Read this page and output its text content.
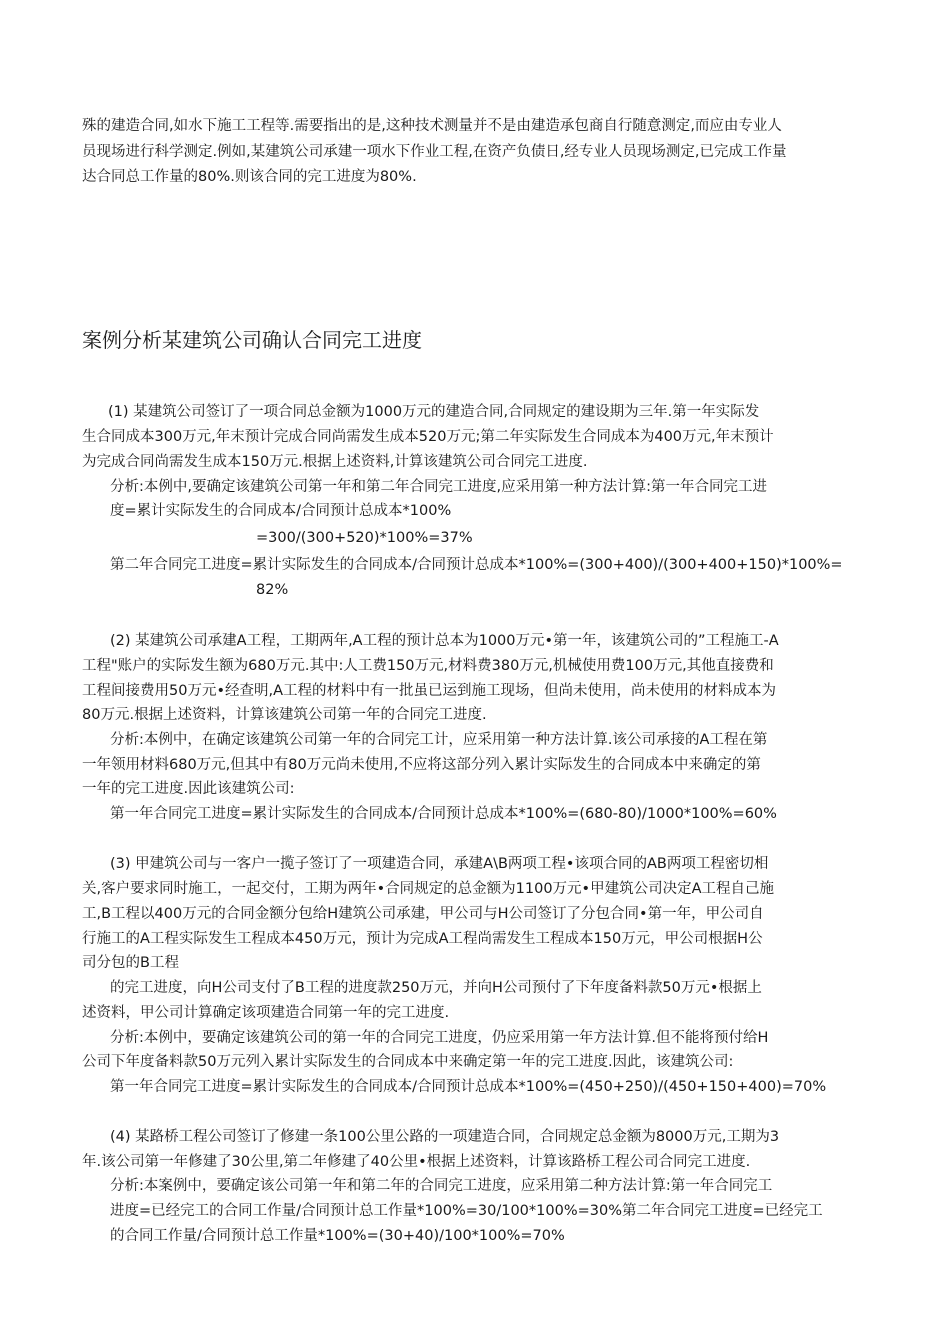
殊的建造合同,如水下施工工程等.需要指出的是,这种技术测量并不是由建造承包商自行随意测定,而应由专业人
员现场进行科学测定.例如,某建筑公司承建一项水下作业工程,在资产负债日,经专业人员现场测定,已完成工作量
达合同总工作量的80%.则该合同的完工进度为80%.
案例分析某建筑公司确认合同完工进度
(1) 某建筑公司签订了一项合同总金额为1000万元的建造合同,合同规定的建设期为三年.第一年实际发
生合同成本300万元,年末预计完成合同尚需发生成本520万元;第二年实际发生合同成本为400万元,年末预计
为完成合同尚需发生成本150万元.根据上述资料,计算该建筑公司合同完工进度.
分析:本例中,要确定该建筑公司第一年和第二年合同完工进度,应采用第一种方法计算:第一年合同完工进
度=累计实际发生的合同成本/合同预计总成本*100%
=300/(300+520)*100%=37%
第二年合同完工进度=累计实际发生的合同成本/合同预计总成本*100%=(300+400)/(300+400+150)*100%=
82%
(2) 某建筑公司承建A工程，工期两年,A工程的预计总本为1000万元•第一年，该建筑公司的”工程施工-A
工程"账户的实际发生额为680万元.其中:人工费150万元,材料费380万元,机械使用费100万元,其他直接费和
工程间接费用50万元•经查明,A工程的材料中有一批虽已运到施工现场，但尚未使用，尚未使用的材料成本为
80万元.根据上述资料，计算该建筑公司第一年的合同完工进度.
分析:本例中，在确定该建筑公司第一年的合同完工计，应采用第一种方法计算.该公司承接的A工程在第
一年领用材料680万元,但其中有80万元尚未使用,不应将这部分列入累计实际发生的合同成本中来确定的第
一年的完工进度.因此该建筑公司:
第一年合同完工进度=累计实际发生的合同成本/合同预计总成本*100%=(680-80)/1000*100%=60%
(3) 甲建筑公司与一客户一揽子签订了一项建造合同，承建A\B两项工程•该项合同的AB两项工程密切相
关,客户要求同时施工，一起交付，工期为两年•合同规定的总金额为1100万元•甲建筑公司决定A工程自己施
工,B工程以400万元的合同金额分包给H建筑公司承建，甲公司与H公司签订了分包合同•第一年，甲公司自
行施工的A工程实际发生工程成本450万元，预计为完成A工程尚需发生工程成本150万元，甲公司根据H公
司分包的B工程
的完工进度，向H公司支付了B工程的进度款250万元，并向H公司预付了下年度备料款50万元•根据上
述资料，甲公司计算确定该项建造合同第一年的完工进度.
分析:本例中，要确定该建筑公司的第一年的合同完工进度，仍应采用第一年方法计算.但不能将预付给H
公司下年度备料款50万元列入累计实际发生的合同成本中来确定第一年的完工进度.因此，该建筑公司:
第一年合同完工进度=累计实际发生的合同成本/合同预计总成本*100%=(450+250)/(450+150+400)=70%
(4) 某路桥工程公司签订了修建一条100公里公路的一项建造合同，合同规定总金额为8000万元,工期为3
年.该公司第一年修建了30公里,第二年修建了40公里•根据上述资料，计算该路桥工程公司合同完工进度.
分析:本案例中，要确定该公司第一年和第二年的合同完工进度，应采用第二种方法计算:第一年合同完工
进度=已经完工的合同工作量/合同预计总工作量*100%=30/100*100%=30%第二年合同完工进度=已经完工
的合同工作量/合同预计总工作量*100%=(30+40)/100*100%=70%
